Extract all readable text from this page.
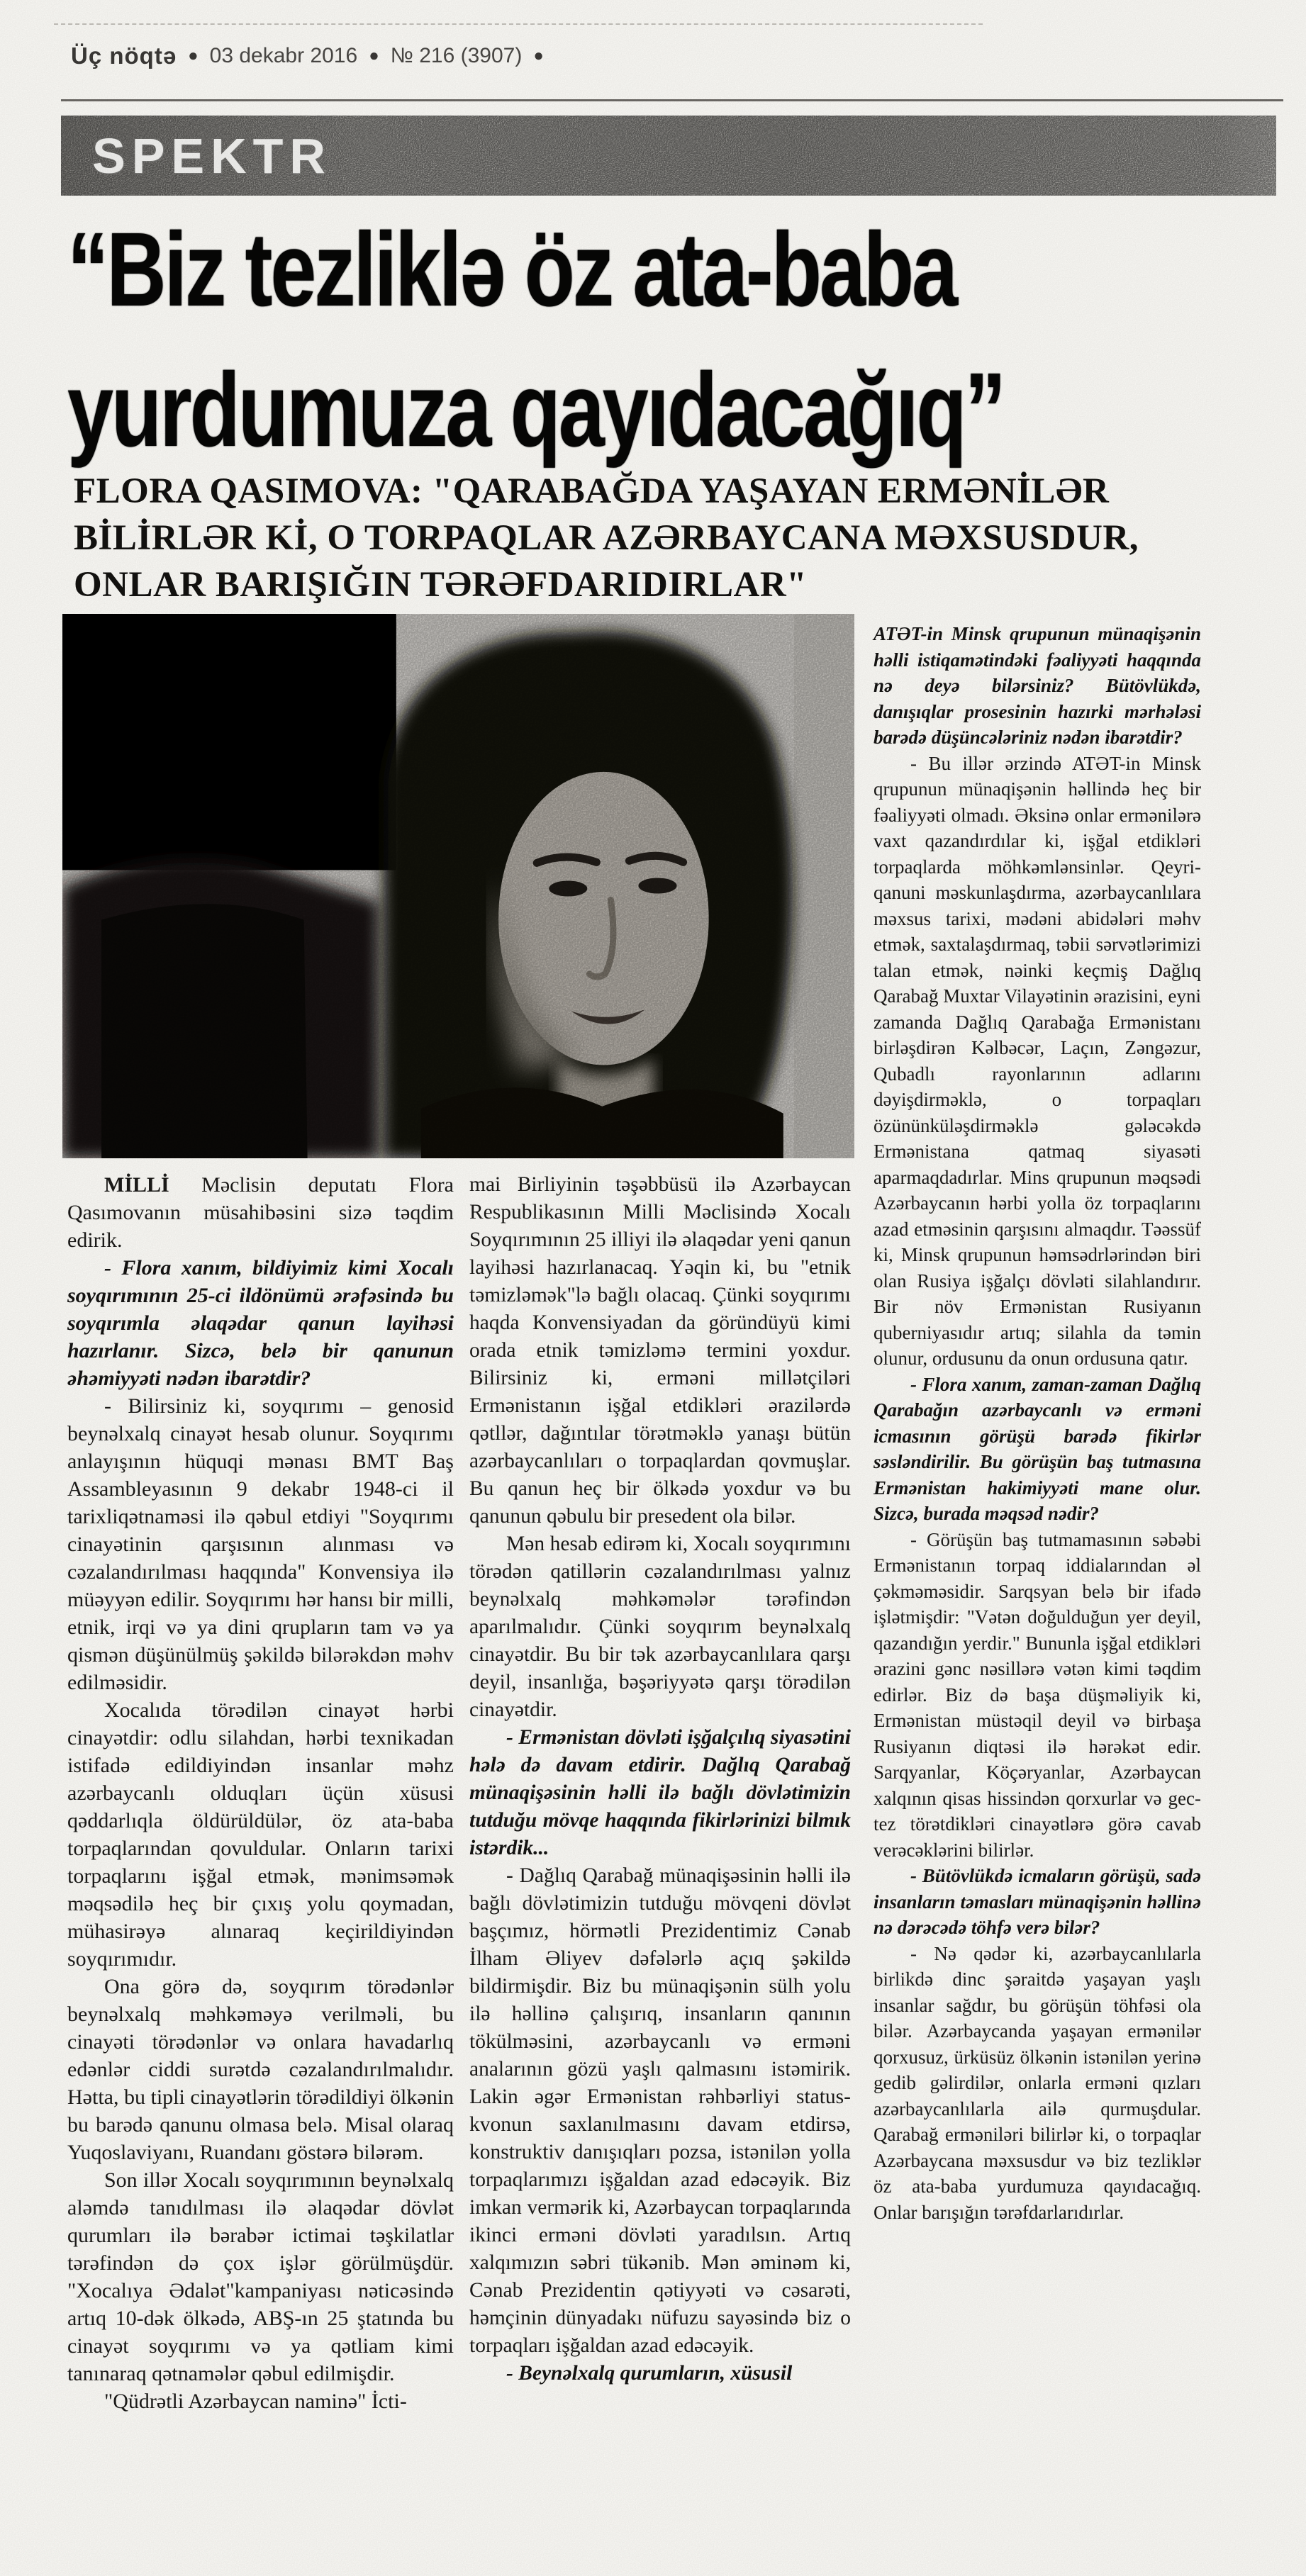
Üç nöqtə ● 03 dekabr 2016 ● № 216 (3907) ●
SPEKTR
“Biz tezliklə öz ata-baba
yurdumuza qayıdacağıq”
FLORA QASIMOVA: "QARABAĞDA YAŞAYAN ERMƏNİLƏR
BİLİRLƏR Kİ, O TORPAQLAR AZƏRBAYCANA MƏXSUSDUR,
ONLAR BARIŞIĞIN TƏRƏFDARIDIRLAR"

MİLLİ Məclisin deputatı Flora Qasımovanın müsahibəsini sizə təqdim edirik.

- Flora xanım, bildiyimiz kimi Xocalı soyqırımının 25-ci ildönümü ərəfəsində bu soyqırımla əlaqədar qanun layihəsi hazırlanır. Sizcə, belə bir qanunun əhəmiyyəti nədən ibarətdir?

- Bilirsiniz ki, soyqırımı – genosid beynəlxalq cinayət hesab olunur. Soyqırımı anlayışının hüquqi mənası BMT Baş Assambleyasının 9 dekabr 1948-ci il tarixliqətnaməsi ilə qəbul etdiyi "Soyqırımı cinayətinin qarşısının alınması və cəzalandırılması haqqında" Konvensiya ilə müəyyən edilir. Soyqırımı hər hansı bir milli, etnik, irqi və ya dini qrupların tam və ya qismən düşünülmüş şəkildə bilərəkdən məhv edilməsidir.

Xocalıda törədilən cinayət hərbi cinayətdir: odlu silahdan, hərbi texnikadan istifadə edildiyindən insanlar məhz azərbaycanlı olduqları üçün xüsusi qəddarlıqla öldürüldülər, öz ata-baba torpaqlarından qovuldular. Onların tarixi torpaqlarını işğal etmək, mənimsəmək məqsədilə heç bir çıxış yolu qoymadan, mühasirəyə alınaraq keçirildiyindən soyqırımıdır.

Ona görə də, soyqırım törədənlər beynəlxalq məhkəməyə verilməli, bu cinayəti törədənlər və onlara havadarlıq edənlər ciddi surətdə cəzalandırılmalıdır. Hətta, bu tipli cinayətlərin törədildiyi ölkənin bu barədə qanunu olmasa belə. Misal olaraq Yuqoslaviyanı, Ruandanı göstərə bilərəm.

Son illər Xocalı soyqırımının beynəlxalq aləmdə tanıdılması ilə əlaqədar dövlət qurumları ilə bərabər ictimai təşkilatlar tərəfindən də çox işlər görülmüşdür. "Xocalıya Ədalət"kampaniyası nəticəsində artıq 10-dək ölkədə, ABŞ-ın 25 ştatında bu cinayət soyqırımı və ya qətliam kimi tanınaraq qətnamələr qəbul edilmişdir.

"Qüdrətli Azərbaycan naminə" İcti-

mai Birliyinin təşəbbüsü ilə Azərbaycan Respublikasının Milli Məclisində Xocalı Soyqırımının 25 illiyi ilə əlaqədar yeni qanun layihəsi hazırlanacaq. Yəqin ki, bu "etnik təmizləmək"lə bağlı olacaq. Çünki soyqırımı haqda Konvensiyadan da göründüyü kimi orada etnik təmizləmə termini yoxdur. Bilirsiniz ki, erməni millətçiləri Ermənistanın işğal etdikləri ərazilərdə qətllər, dağıntılar törətməklə yanaşı bütün azərbaycanlıları o torpaqlardan qovmuşlar. Bu qanun heç bir ölkədə yoxdur və bu qanunun qəbulu bir presedent ola bilər.

Mən hesab edirəm ki, Xocalı soyqırımını törədən qatillərin cəzalandırılması yalnız beynəlxalq məhkəmələr tərəfindən aparılmalıdır. Çünki soyqırım beynəlxalq cinayətdir. Bu bir tək azərbaycanlılara qarşı deyil, insanlığa, bəşəriyyətə qarşı törədilən cinayətdir.

- Ermənistan dövləti işğalçılıq siyasətini hələ də davam etdirir. Dağlıq Qarabağ münaqişəsinin həlli ilə bağlı dövlətimizin tutduğu mövqe haqqında fikirlərinizi bilmık istərdik...

- Dağlıq Qarabağ münaqişəsinin həlli ilə bağlı dövlətimizin tutduğu mövqeni dövlət başçımız, hörmətli Prezidentimiz Cənab İlham Əliyev dəfələrlə açıq şəkildə bildirmişdir. Biz bu münaqişənin sülh yolu ilə həllinə çalışırıq, insanların qanının tökülməsini, azərbaycanlı və erməni analarının gözü yaşlı qalmasını istəmirik. Lakin əgər Ermənistan rəhbərliyi status-kvonun saxlanılmasını davam etdirsə, konstruktiv danışıqları pozsa, istənilən yolla torpaqlarımızı işğaldan azad edəcəyik. Biz imkan vermərik ki, Azərbaycan torpaqlarında ikinci erməni dövləti yaradılsın. Artıq xalqımızın səbri tükənib. Mən əminəm ki, Cənab Prezidentin qətiyyəti və cəsarəti, həmçinin dünyadakı nüfuzu sayəsində biz o torpaqları işğaldan azad edəcəyik.

- Beynəlxalq qurumların, xüsusil

ATƏT-in Minsk qrupunun münaqişənin həlli istiqamətindəki fəaliyyəti haqqında nə deyə bilərsiniz? Bütövlükdə, danışıqlar prosesinin hazırki mərhələsi barədə düşüncələriniz nədən ibarətdir?

- Bu illər ərzində ATƏT-in Minsk qrupunun münaqişənin həllində heç bir fəaliyyəti olmadı. Əksinə onlar ermənilərə vaxt qazandırdılar ki, işğal etdikləri torpaqlarda möhkəmlənsinlər. Qeyri-qanuni məskunlaşdırma, azərbaycanlılara məxsus tarixi, mədəni abidələri məhv etmək, saxtalaşdırmaq, təbii sərvətlərimizi talan etmək, nəinki keçmiş Dağlıq Qarabağ Muxtar Vilayətinin ərazisini, eyni zamanda Dağlıq Qarabağa Ermənistanı birləşdirən Kəlbəcər, Laçın, Zəngəzur, Qubadlı rayonlarının adlarını dəyişdirməklə, o torpaqları özününküləşdirməklə gələcəkdə Ermənistana qatmaq siyasəti aparmaqdadırlar. Mins qrupunun məqsədi Azərbaycanın hərbi yolla öz torpaqlarını azad etməsinin qarşısını almaqdır. Təəssüf ki, Minsk qrupunun həmsədrlərindən biri olan Rusiya işğalçı dövləti silahlandırır. Bir növ Ermənistan Rusiyanın quberniyasıdır artıq; silahla da təmin olunur, ordusunu da onun ordusuna qatır.

- Flora xanım, zaman-zaman Dağlıq Qarabağın azərbaycanlı və erməni icmasının görüşü barədə fikirlər səsləndirilir. Bu görüşün baş tutmasına Ermənistan hakimiyyəti mane olur. Sizcə, burada məqsəd nədir?

- Görüşün baş tutmamasının səbəbi Ermənistanın torpaq iddialarından əl çəkməməsidir. Sarqsyan belə bir ifadə işlətmişdir: "Vətən doğulduğun yer deyil, qazandığın yerdir." Bununla işğal etdikləri ərazini gənc nəsillərə vətən kimi təqdim edirlər. Biz də başa düşməliyik ki, Ermənistan müstəqil deyil və birbaşa Rusiyanın diqtəsi ilə hərəkət edir. Sarqyanlar, Köçəryanlar, Azərbaycan xalqının qisas hissindən qorxurlar və gec-tez törətdikləri cinayətlərə görə cavab verəcəklərini bilirlər.

- Bütövlükdə icmaların görüşü, sadə insanların təmasları münaqişənin həllinə nə dərəcədə töhfə verə bilər?

- Nə qədər ki, azərbaycanlılarla birlikdə dinc şəraitdə yaşayan yaşlı insanlar sağdır, bu görüşün töhfəsi ola bilər. Azərbaycanda yaşayan ermənilər qorxusuz, ürküsüz ölkənin istənilən yerinə gedib gəlirdilər, onlarla erməni qızları azərbaycanlılarla ailə qurmuşdular. Qarabağ erməniləri bilirlər ki, o torpaqlar Azərbaycana məxsusdur və biz tezliklər öz ata-baba yurdumuza qayıdacağıq. Onlar barışığın tərəfdarlarıdırlar.
